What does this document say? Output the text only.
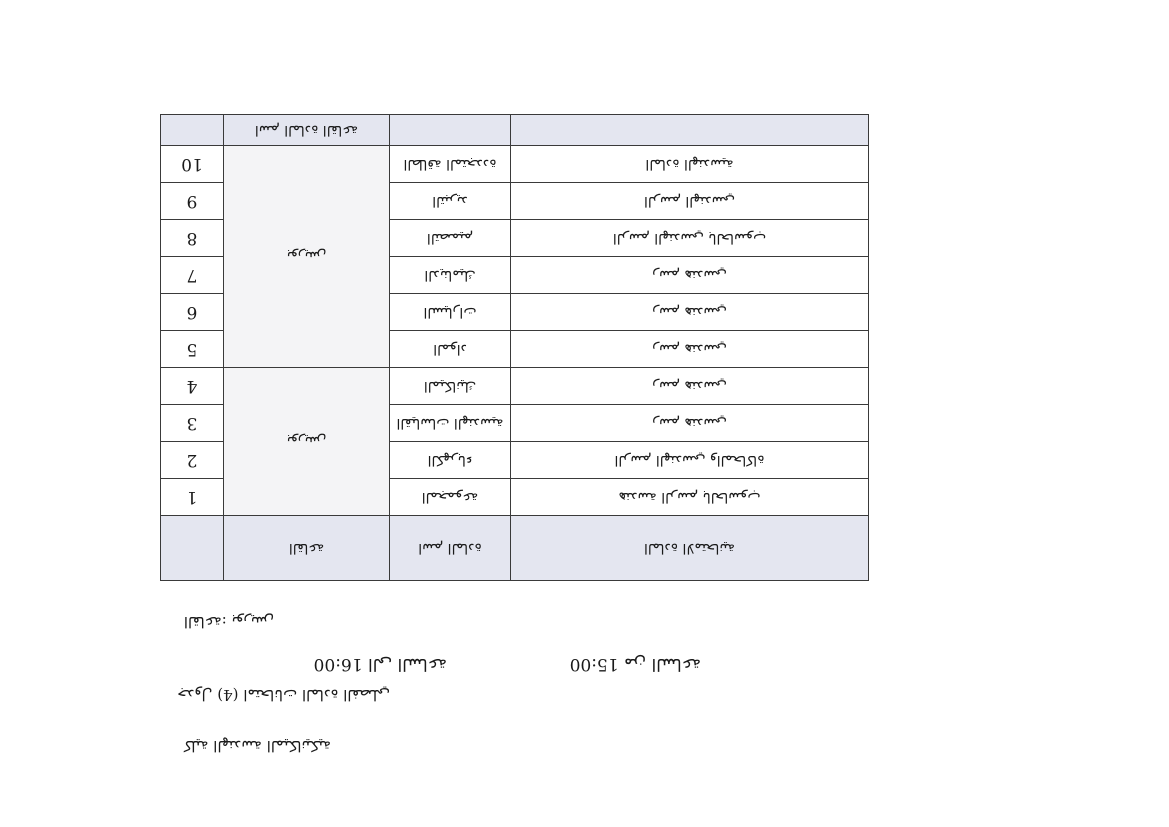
كلية الهندسة الميكانيكية
جدول (4) امتحانات المادة الفصلي
15:00 من الساعة
16:00 الى الساعة
القاعة: بوريس
المادة الامتحانية	اسم المادة	القاعة	
هندسة الرسم بالحاسوب	المجموعة	بوريس	1
الرسم الهندسي والمحاكاة	الكهرباء		2
رسم هندسي	القياسات الهندسية		3
رسم هندسي	الميكانيك		4
رسم هندسي	المواد	بوريس	5
رسم هندسي	السيارات		6
رسم هندسي	الديناميك		7
الرسم الهندسي بالحاسوب	التصميم		8
الرسم الهندسي	التبريد		9
المادة الهندسية	الطاقة المتجددة		10
		اسم المادة القاعة	
